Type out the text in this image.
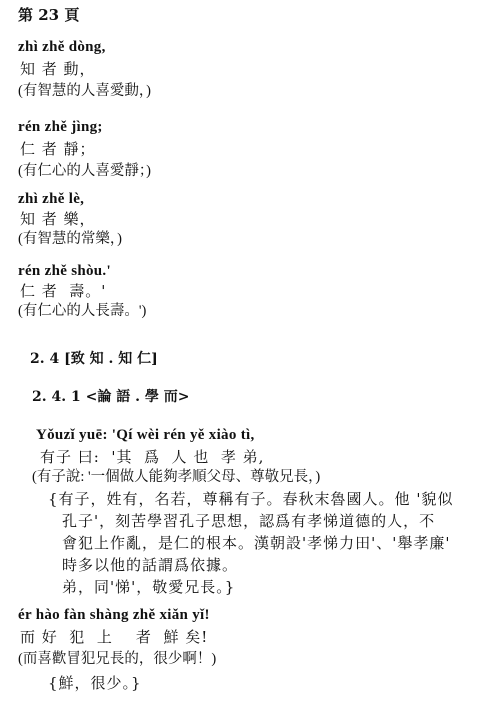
第 23 頁
zhì zhě dòng,
知 者 動，
(有智慧的人喜愛動，)
rén zhě jìng;
仁 者 靜；
(有仁心的人喜愛靜；)
zhì zhě lè,
知 者 樂，
(有智慧的常樂，)
rén zhě shòu.'
仁 者  壽。'
(有仁心的人長壽。')
2. 4 [致 知 . 知 仁]
2. 4. 1 <論 語 . 學 而>
Yǒuzǐ yuē: 'Qí wèi rén yě xiào tì,
有子 曰:  '其  爲  人 也  孝 弟,
(有子說: '一個做人能夠孝順父母、尊敬兄長，)
{有子，姓有，名若，尊稱有子。春秋末魯國人。他 '貌似
孔子'，刻苦學習孔子思想，認爲有孝悌道德的人，不
會犯上作亂，是仁的根本。漢朝設'孝悌力田'、'舉孝廉'
時多以他的話謂爲依據。
弟，同'悌'，敬愛兄長。}
ér hào fàn shàng zhě xiǎn yǐ!
而 好  犯  上    者  鮮 矣!
(而喜歡冒犯兄長的，很少啊！)
{鮮，很少。}
